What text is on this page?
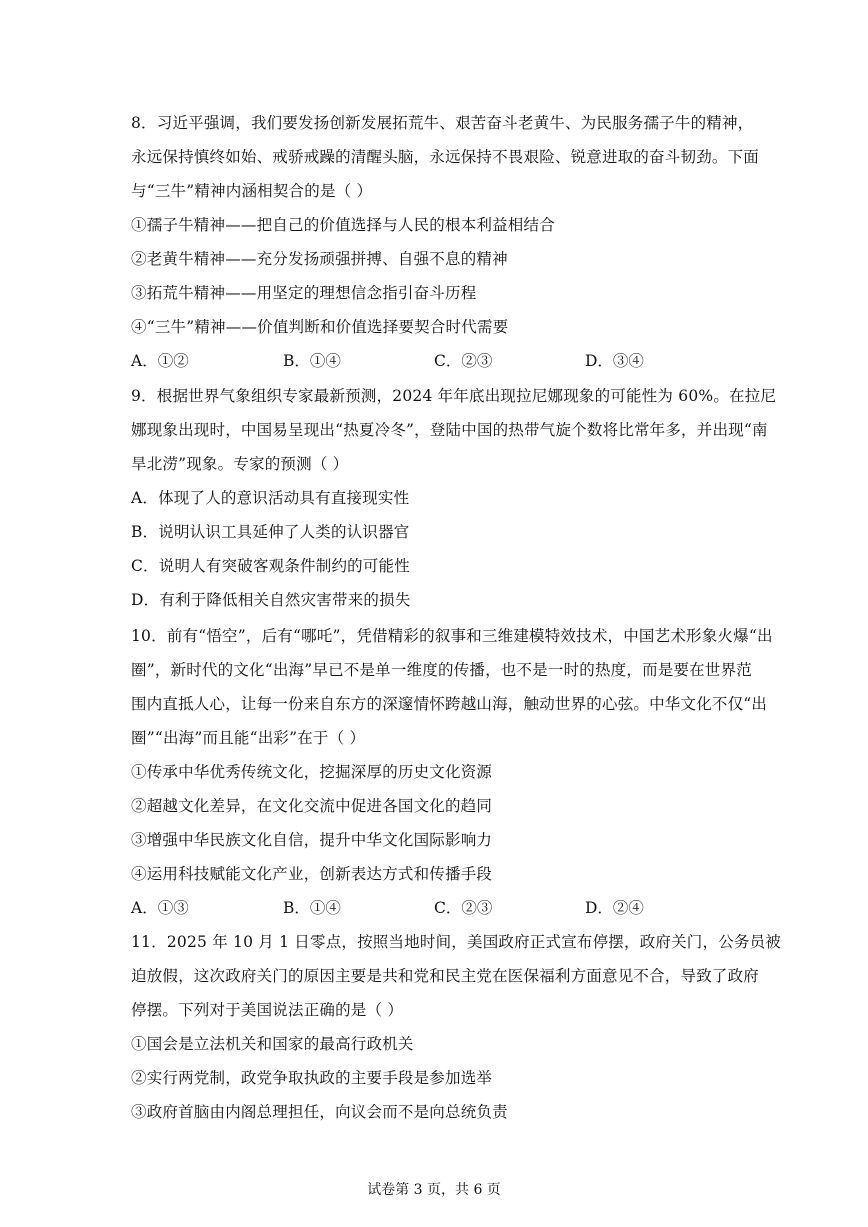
8．习近平强调，我们要发扬创新发展拓荒牛、艰苦奋斗老黄牛、为民服务孺子牛的精神，
永远保持慎终如始、戒骄戒躁的清醒头脑，永远保持不畏艰险、锐意进取的奋斗韧劲。下面
与“三牛”精神内涵相契合的是（ ）
①孺子牛精神——把自己的价值选择与人民的根本利益相结合
②老黄牛精神——充分发扬顽强拼搏、自强不息的精神
③拓荒牛精神——用坚定的理想信念指引奋斗历程
④“三牛”精神——价值判断和价值选择要契合时代需要
A．①②	B．①④	C．②③	D．③④
9．根据世界气象组织专家最新预测，2024 年年底出现拉尼娜现象的可能性为 60%。在拉尼
娜现象出现时，中国易呈现出“热夏冷冬”，登陆中国的热带气旋个数将比常年多，并出现“南
旱北涝”现象。专家的预测（ ）
A．体现了人的意识活动具有直接现实性
B．说明认识工具延伸了人类的认识器官
C．说明人有突破客观条件制约的可能性
D．有利于降低相关自然灾害带来的损失
10．前有“悟空”，后有“哪吒”，凭借精彩的叙事和三维建模特效技术，中国艺术形象火爆“出
圈”，新时代的文化“出海”早已不是单一维度的传播，也不是一时的热度，而是要在世界范
围内直抵人心，让每一份来自东方的深邃情怀跨越山海，触动世界的心弦。中华文化不仅“出
圈”“出海”而且能“出彩”在于（ ）
①传承中华优秀传统文化，挖掘深厚的历史文化资源
②超越文化差异，在文化交流中促进各国文化的趋同
③增强中华民族文化自信，提升中华文化国际影响力
④运用科技赋能文化产业，创新表达方式和传播手段
A．①③	B．①④	C．②③	D．②④
11．2025 年 10 月 1 日零点，按照当地时间，美国政府正式宣布停摆，政府关门，公务员被
迫放假，这次政府关门的原因主要是共和党和民主党在医保福利方面意见不合，导致了政府
停摆。下列对于美国说法正确的是（ ）
①国会是立法机关和国家的最高行政机关
②实行两党制，政党争取执政的主要手段是参加选举
③政府首脑由内阁总理担任，向议会而不是向总统负责
试卷第 3 页，共 6 页
